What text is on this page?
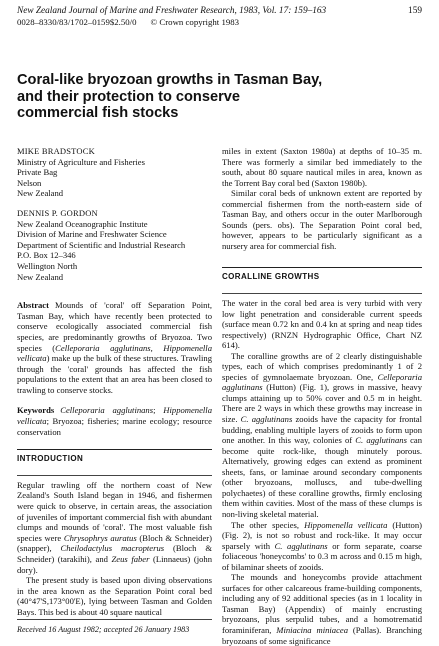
New Zealand Journal of Marine and Freshwater Research, 1983, Vol. 17: 159–163	159
0028–8330/83/1702–0159$2.50/0 © Crown copyright 1983
Coral-like bryozoan growths in Tasman Bay,
and their protection to conserve
commercial fish stocks

MIKE BRADSTOCK

Ministry of Agriculture and Fisheries

Private Bag

Nelson

New Zealand

DENNIS P. GORDON

New Zealand Oceanographic Institute

Division of Marine and Freshwater Science

Department of Scientific and Industrial Research

P.O. Box 12–346

Wellington North

New Zealand

Abstract Mounds of 'coral' off Separation Point, Tasman Bay, which have recently been protected to conserve ecologically associated commercial fish species, are predominantly growths of Bryozoa. Two species (Celleporaria agglutinans, Hippomenella vellicata) make up the bulk of these structures. Trawling through the 'coral' grounds has affected the fish populations to the extent that an area has been closed to trawling to conserve stocks.

Keywords Celleporaria agglutinans; Hippomenella vellicata; Bryozoa; fisheries; marine ecology; resource conservation

INTRODUCTION

Regular trawling off the northern coast of New Zealand's South Island began in 1946, and fishermen were quick to observe, in certain areas, the association of juveniles of important commercial fish with abundant clumps and mounds of 'coral'. The most valuable fish species were Chrysophrys auratus (Bloch & Schneider) (snapper), Cheilodactylus macropterus (Bloch & Schneider) (tarakihi), and Zeus faber (Linnaeus) (john dory).

The present study is based upon diving observations in the area known as the Separation Point coral bed (40°47'S,173°00'E), lying between Tasman and Golden Bays. This bed is about 40 square nautical

miles in extent (Saxton 1980a) at depths of 10–35 m. There was formerly a similar bed immediately to the south, about 80 square nautical miles in area, known as the Torrent Bay coral bed (Saxton 1980b).

Similar coral beds of unknown extent are reported by commercial fishermen from the north-eastern side of Tasman Bay, and others occur in the outer Marlborough Sounds (pers. obs). The Separation Point coral bed, however, appears to be particularly significant as a nursery area for commercial fish.

CORALLINE GROWTHS

The water in the coral bed area is very turbid with very low light penetration and considerable current speeds (surface mean 0.72 kn and 0.4 kn at spring and neap tides respectively) (RNZN Hydrographic Office, Chart NZ 614).

The coralline growths are of 2 clearly distinguishable types, each of which comprises predominantly 1 of 2 species of gymnolaemate bryozoan. One, Celleporaria agglutinans (Hutton) (Fig. 1), grows in massive, heavy clumps attaining up to 50% cover and 0.5 m in height. There are 2 ways in which these growths may increase in size. C. agglutinans zooids have the capacity for frontal budding, enabling multiple layers of zooids to form upon one another. In this way, colonies of C. agglutinans can become quite rock-like, though minutely porous. Alternatively, growing edges can extend as prominent sheets, fans, or laminae around secondary components (other bryozoans, molluscs, and tube-dwelling polychaetes) of these coralline growths, firmly enclosing them within cavities. Most of the mass of these clumps is non-living skeletal material.

The other species, Hippomenella vellicata (Hutton) (Fig. 2), is not so robust and rock-like. It may occur sparsely with C. agglutinans or form separate, coarse foliaceous 'honeycombs' to 0.3 m across and 0.15 m high, of bilaminar sheets of zooids.

The mounds and honeycombs provide attachment surfaces for other calcareous frame-building components, including any of 92 additional species (as in 1 locality in Tasman Bay) (Appendix) of mainly encrusting bryozoans, plus serpulid tubes, and a homotrematid foraminiferan, Miniacina miniacea (Pallas). Branching bryozoans of some significance

Received 16 August 1982; accepted 26 January 1983
